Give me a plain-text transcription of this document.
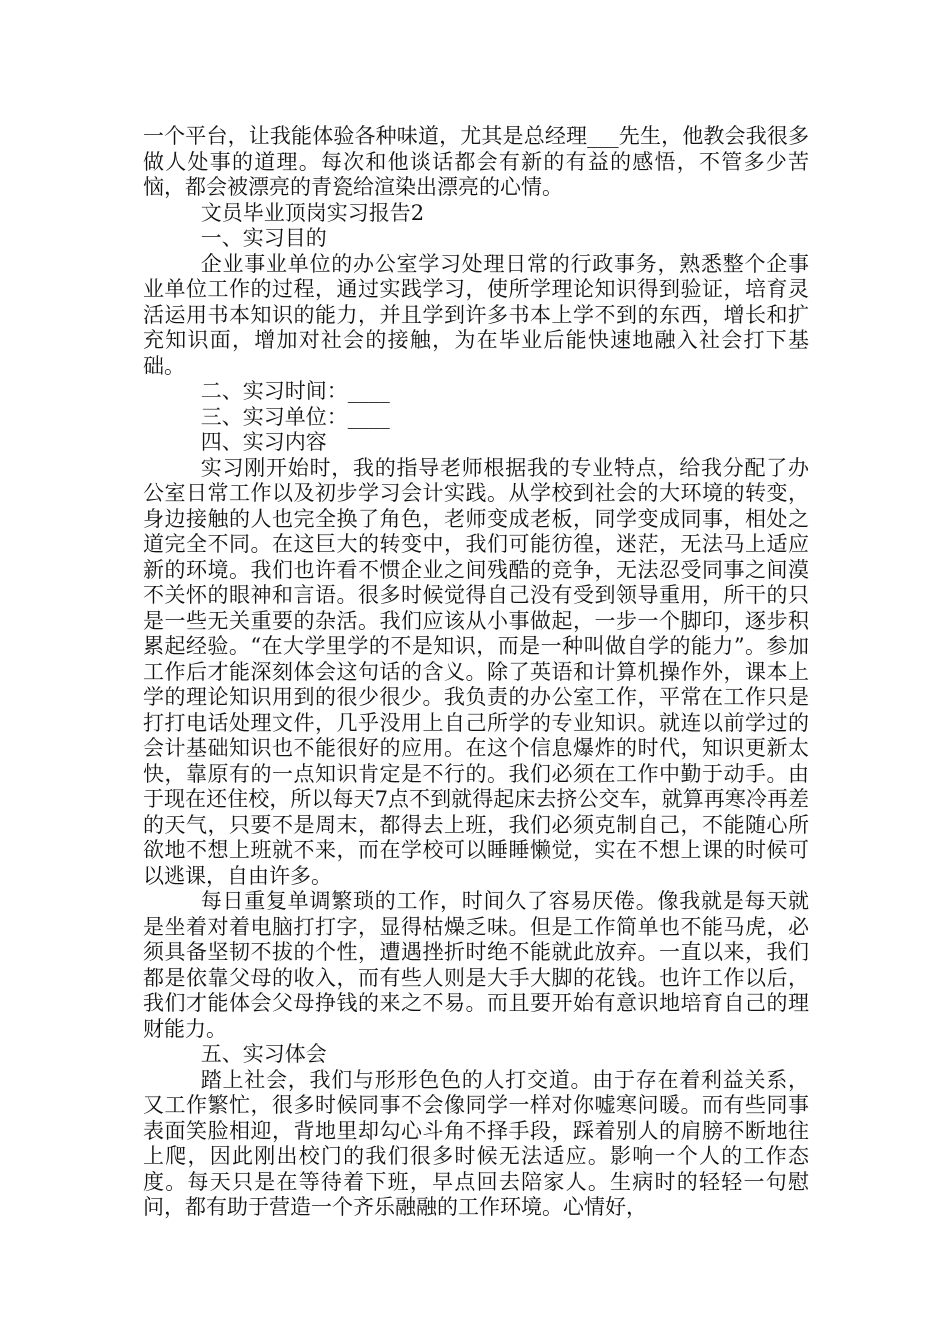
一个平台，让我能体验各种味道，尤其是总经理___先生，他教会我很多做人处事的道理。每次和他谈话都会有新的有益的感悟，不管多少苦恼，都会被漂亮的青瓷给渲染出漂亮的心情。

文员毕业顶岗实习报告2

一、实习目的

企业事业单位的办公室学习处理日常的行政事务，熟悉整个企事业单位工作的过程，通过实践学习，使所学理论知识得到验证，培育灵活运用书本知识的能力，并且学到许多书本上学不到的东西，增长和扩充知识面，增加对社会的接触，为在毕业后能快速地融入社会打下基础。

二、实习时间：____

三、实习单位：____

四、实习内容

实习刚开始时，我的指导老师根据我的专业特点，给我分配了办公室日常工作以及初步学习会计实践。从学校到社会的大环境的转变，身边接触的人也完全换了角色，老师变成老板，同学变成同事，相处之道完全不同。在这巨大的转变中，我们可能彷徨，迷茫，无法马上适应新的环境。我们也许看不惯企业之间残酷的竞争，无法忍受同事之间漠不关怀的眼神和言语。很多时候觉得自己没有受到领导重用，所干的只是一些无关重要的杂活。我们应该从小事做起，一步一个脚印，逐步积累起经验。“在大学里学的不是知识，而是一种叫做自学的能力”。参加工作后才能深刻体会这句话的含义。除了英语和计算机操作外，课本上学的理论知识用到的很少很少。我负责的办公室工作，平常在工作只是打打电话处理文件，几乎没用上自己所学的专业知识。就连以前学过的会计基础知识也不能很好的应用。在这个信息爆炸的时代，知识更新太快，靠原有的一点知识肯定是不行的。我们必须在工作中勤于动手。由于现在还住校，所以每天7点不到就得起床去挤公交车，就算再寒冷再差的天气，只要不是周末，都得去上班，我们必须克制自己，不能随心所欲地不想上班就不来，而在学校可以睡睡懒觉，实在不想上课的时候可以逃课，自由许多。

每日重复单调繁琐的工作，时间久了容易厌倦。像我就是每天就是坐着对着电脑打打字，显得枯燥乏味。但是工作简单也不能马虎，必须具备坚韧不拔的个性，遭遇挫折时绝不能就此放弃。一直以来，我们都是依靠父母的收入，而有些人则是大手大脚的花钱。也许工作以后，我们才能体会父母挣钱的来之不易。而且要开始有意识地培育自己的理财能力。

五、实习体会

踏上社会，我们与形形色色的人打交道。由于存在着利益关系，又工作繁忙，很多时候同事不会像同学一样对你嘘寒问暖。而有些同事表面笑脸相迎，背地里却勾心斗角不择手段，踩着别人的肩膀不断地往上爬，因此刚出校门的我们很多时候无法适应。影响一个人的工作态度。每天只是在等待着下班，早点回去陪家人。生病时的轻轻一句慰问，都有助于营造一个齐乐融融的工作环境。心情好，
